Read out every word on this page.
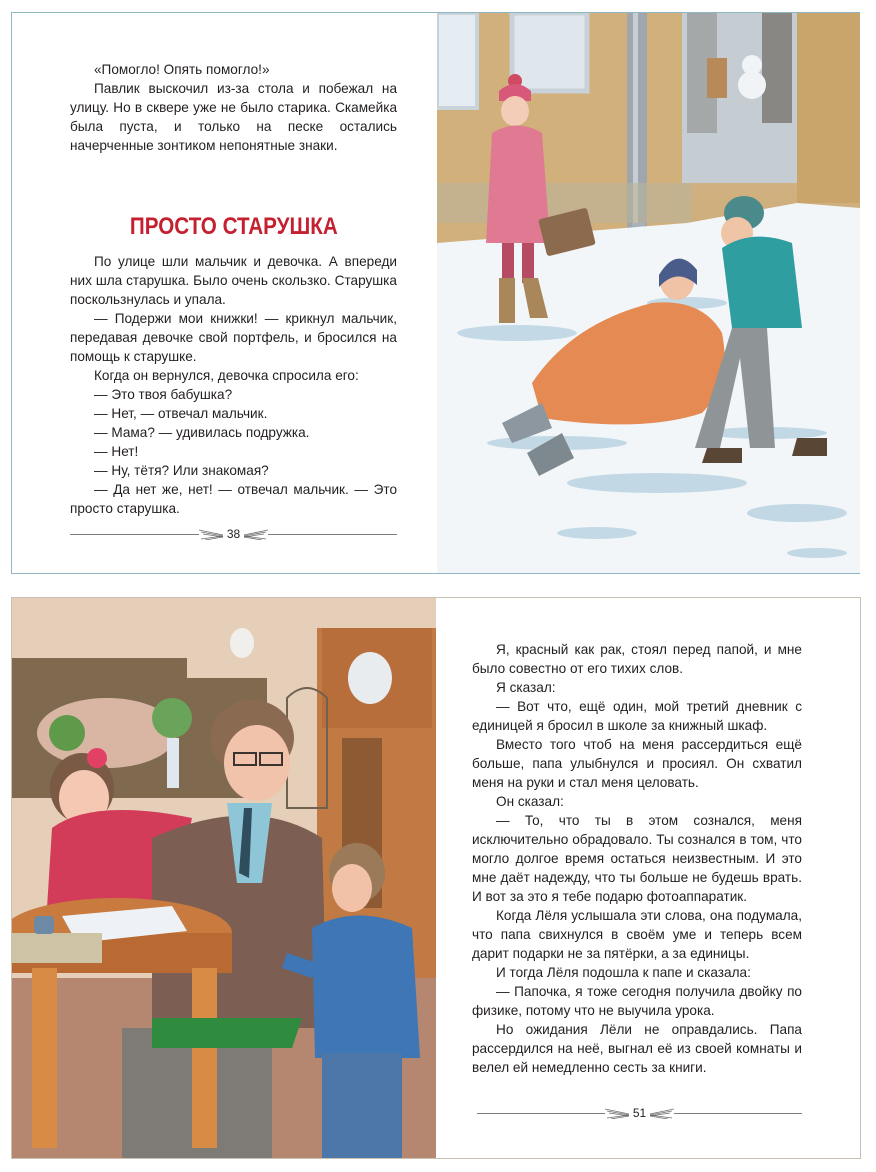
«Помогло! Опять помогло!»

Павлик выскочил из-за стола и побежал на улицу. Но в сквере уже не было старика. Скамейка была пуста, и только на песке остались начерченные зонтиком непонятные знаки.

ПРОСТО СТАРУШКА

По улице шли мальчик и девочка. А впереди них шла старушка. Было очень скользко. Старушка поскользнулась и упала.

— Подержи мои книжки! — крикнул мальчик, передавая девочке свой портфель, и бросился на помощь к старушке.

Когда он вернулся, девочка спросила его:

— Это твоя бабушка?

— Нет, — отвечал мальчик.

— Мама? — удивилась подружка.

— Нет!

— Ну, тётя? Или знакомая?

— Да нет же, нет! — отвечал мальчик. — Это просто старушка.

38

Я, красный как рак, стоял перед папой, и мне было совестно от его тихих слов.

Я сказал:

— Вот что, ещё один, мой третий дневник с единицей я бросил в школе за книжный шкаф.

Вместо того чтоб на меня рассердиться ещё больше, папа улыбнулся и просиял. Он схватил меня на руки и стал меня целовать.

Он сказал:

— То, что ты в этом сознался, меня исключительно обрадовало. Ты сознался в том, что могло долгое время остаться неизвестным. И это мне даёт надежду, что ты больше не будешь врать. И вот за это я тебе подарю фотоаппаратик.

Когда Лёля услышала эти слова, она подумала, что папа свихнулся в своём уме и теперь всем дарит подарки не за пятёрки, а за единицы.

И тогда Лёля подошла к папе и сказала:

— Папочка, я тоже сегодня получила двойку по физике, потому что не выучила урока.

Но ожидания Лёли не оправдались. Папа рассердился на неё, выгнал её из своей комнаты и велел ей немедленно сесть за книги.

51
